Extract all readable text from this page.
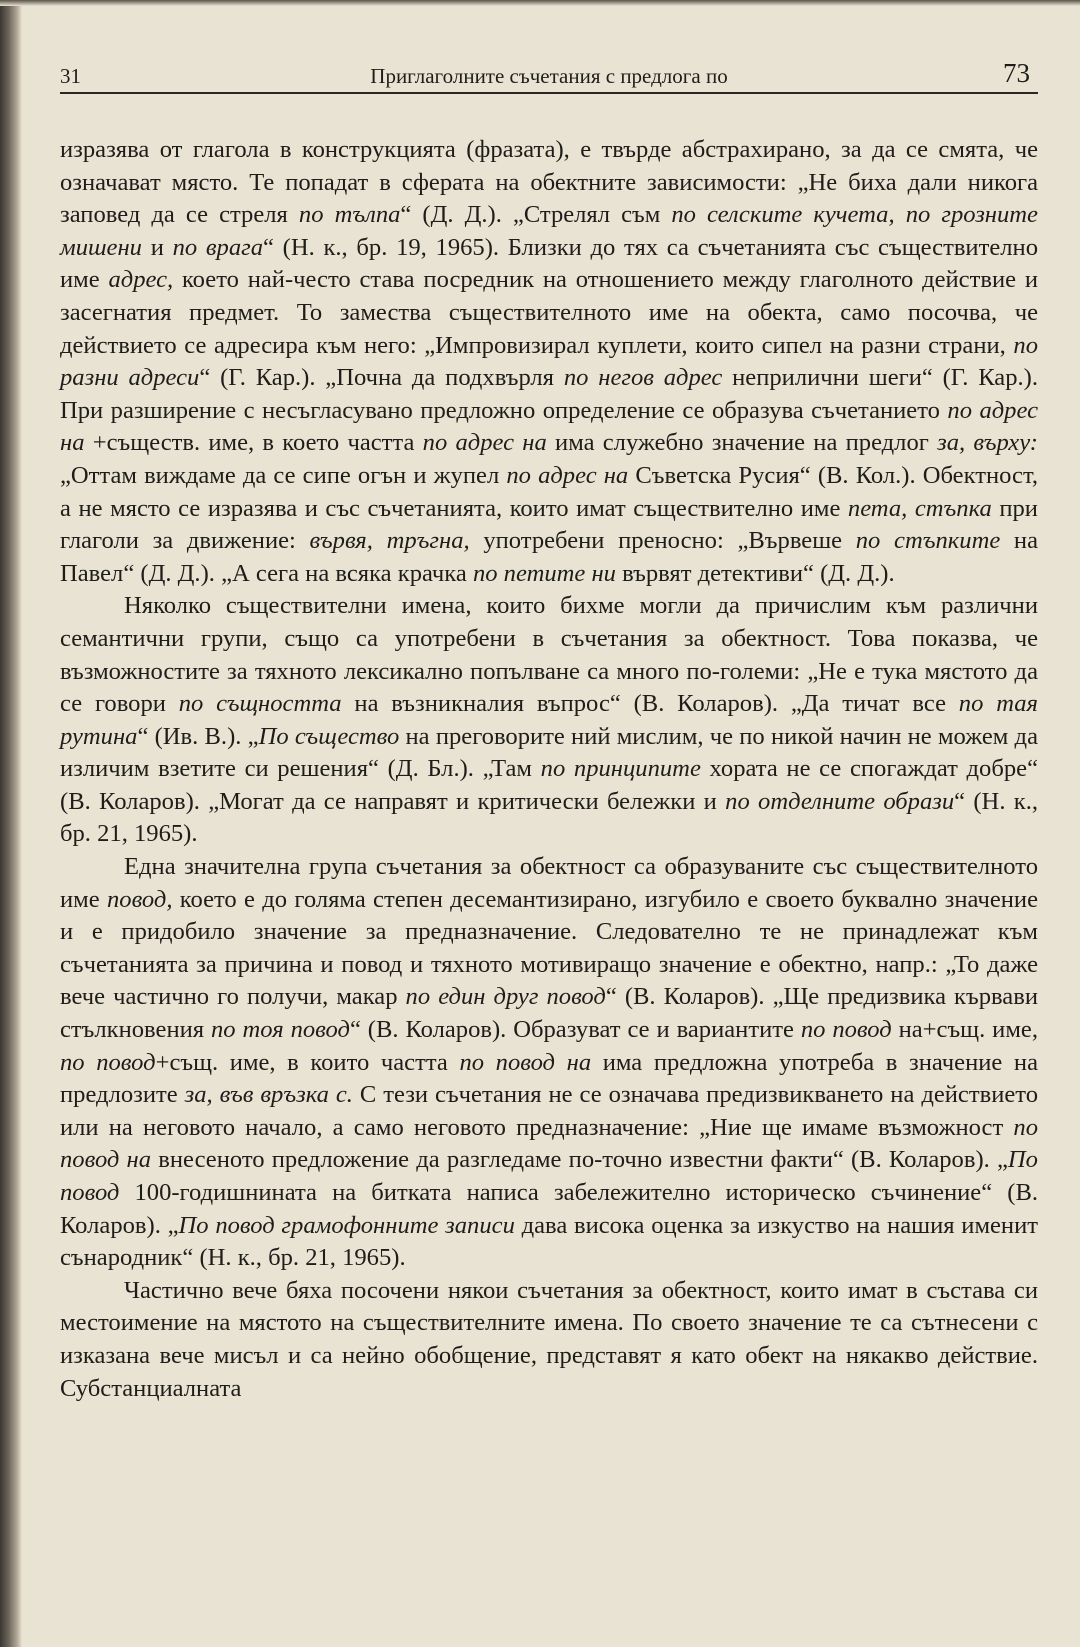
31	Приглаголните съчетания с предлога по	73

изразява от глагола в конструкцията (фразата), е твърде абстрахирано, за да се смята, че означават място. Те попадат в сферата на обектните зависимости: „Не биха дали никога заповед да се стреля по тълпа“ (Д. Д.). „Стрелял съм по селските кучета, по грозните мишени и по врага“ (Н. к., бр. 19, 1965). Близки до тях са съчетанията със съществително име адрес, което най-често става посредник на отношението между глаголното действие и засегнатия предмет. То замества съществителното име на обекта, само посочва, че действието се адресира към него: „Импровизирал куплети, които сипел на разни страни, по разни адреси“ (Г. Кар.). „Почна да подхвърля по негов адрес неприлични шеги“ (Г. Кар.). При разширение с несъгласувано предложно определение се образува съчетанието по адрес на +съществ. име, в което частта по адрес на има служебно значение на предлог за, върху: „Оттам виждаме да се сипе огън и жупел по адрес на Съветска Русия“ (В. Кол.). Обектност, а не място се изразява и със съчетанията, които имат съществително име пета, стъпка при глаголи за движение: вървя, тръгна, употребени преносно: „Вървеше по стъпките на Павел“ (Д. Д.). „А сега на всяка крачка по петите ни вървят детективи“ (Д. Д.).

Няколко съществителни имена, които бихме могли да причислим към различни семантични групи, също са употребени в съчетания за обектност. Това показва, че възможностите за тяхното лексикално попълване са много по-големи: „Не е тука мястото да се говори по същността на възникналия въпрос“ (В. Коларов). „Да тичат все по тая рутина“ (Ив. В.). „По същество на преговорите ний мислим, че по никой начин не можем да изличим взетите си решения“ (Д. Бл.). „Там по принципите хората не се спогаждат добре“ (В. Коларов). „Могат да се направят и критически бележки и по отделните образи“ (Н. к., бр. 21, 1965).

Една значителна група съчетания за обектност са образуваните със съществителното име повод, което е до голяма степен десемантизирано, изгубило е своето буквално значение и е придобило значение за предназначение. Следователно те не принадлежат към съчетанията за причина и повод и тяхното мотивиращо значение е обектно, напр.: „То даже вече частично го получи, макар по един друг повод“ (В. Коларов). „Ще предизвика кървави стълкновения по тоя повод“ (В. Коларов). Образуват се и вариантите по повод на+същ. име, по повод+същ. име, в които частта по повод на има предложна употреба в значение на предлозите за, във връзка с. С тези съчетания не се означава предизвикването на действието или на неговото начало, а само неговото предназначение: „Ние ще имаме възможност по повод на внесеното предложение да разгледаме по-точно известни факти“ (В. Коларов). „По повод 100-годишнината на битката написа забележително историческо съчинение“ (В. Коларов). „По повод грамофонните записи дава висока оценка за изкуство на нашия именит сънародник“ (Н. к., бр. 21, 1965).

Частично вече бяха посочени някои съчетания за обектност, които имат в състава си местоимение на мястото на съществителните имена. По своето значение те са сътнесени с изказана вече мисъл и са нейно обобщение, представят я като обект на някакво действие. Субстанциалната
